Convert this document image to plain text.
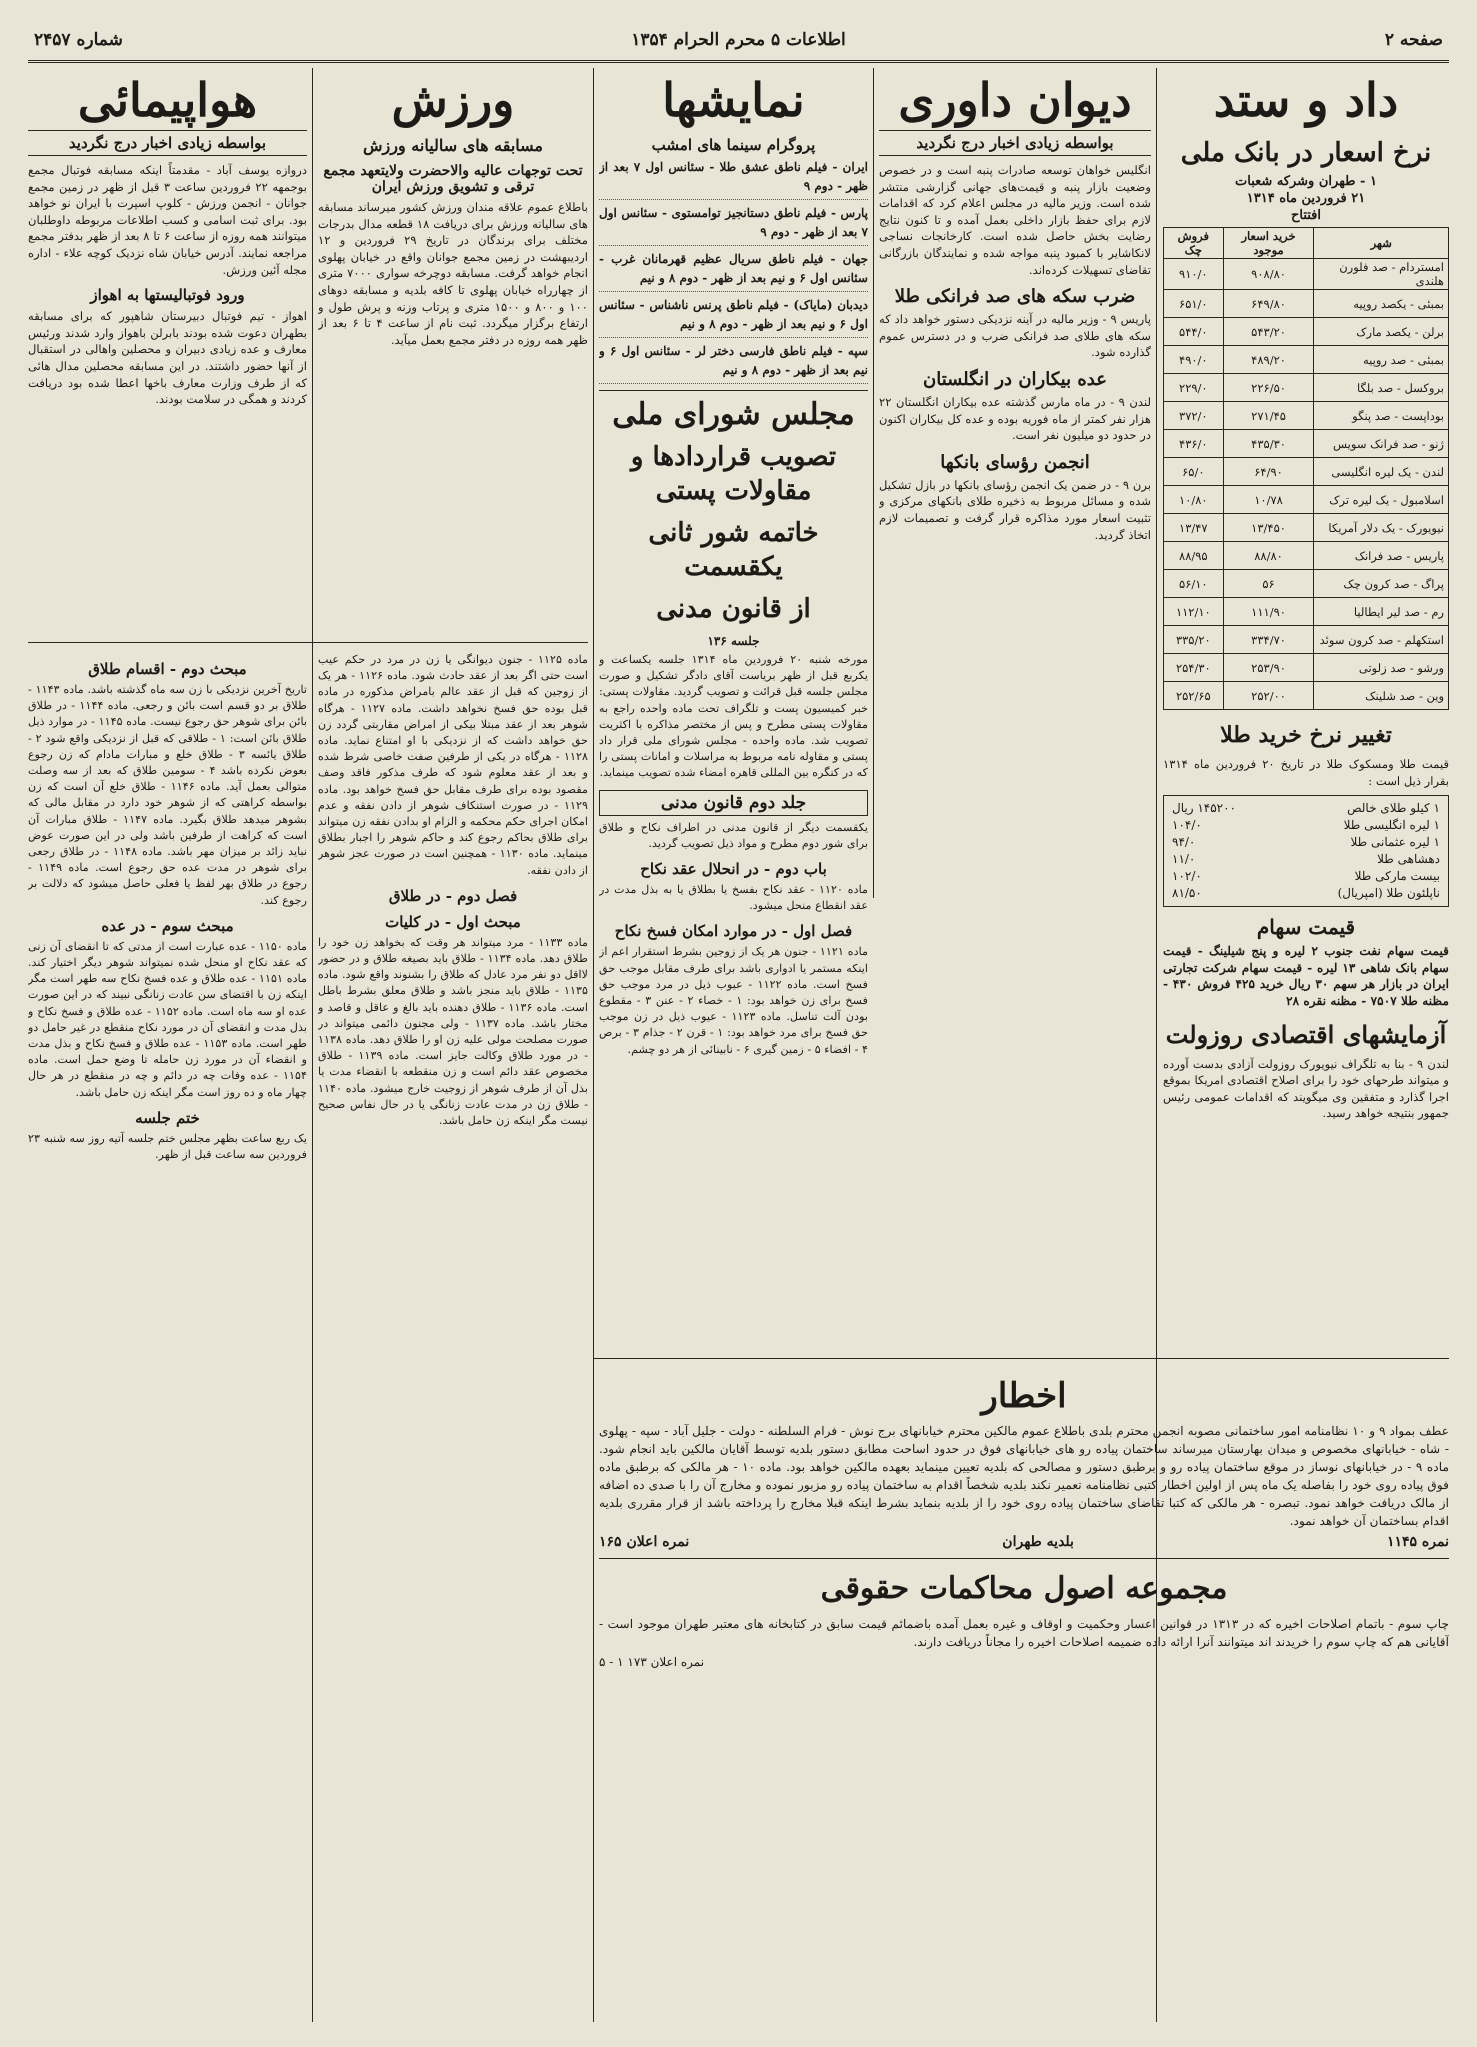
صفحه ۲
اطلاعات ۵ محرم الحرام ۱۳۵۴
شماره ۲۴۵۷
داد و ستد
نرخ اسعار در بانک ملی
۱ - طهران وشرکه شعبات
۲۱ فروردین ماه ۱۳۱۴
افتتاح
شهر	خرید اسعار موجود	فروش چک
امستردام - صد فلورن هلندی	۹۰۸/۸۰	۹۱۰/۰
بمبئی - یکصد روپیه	۶۴۹/۸۰	۶۵۱/۰
برلن - یکصد مارک	۵۴۳/۲۰	۵۴۴/۰
بمبئی - صد روپیه	۴۸۹/۲۰	۴۹۰/۰
بروکسل - صد بلگا	۲۲۶/۵۰	۲۲۹/۰
بوداپست - صد پنگو	۲۷۱/۴۵	۳۷۲/۰
ژنو - صد فرانک سویس	۴۳۵/۳۰	۴۳۶/۰
لندن - یک لیره انگلیسی	۶۴/۹۰	۶۵/۰
اسلامبول - یک لیره ترک	۱۰/۷۸	۱۰/۸۰
نیویورک - یک دلار آمریکا	۱۳/۴۵۰	۱۳/۴۷
پاریس - صد فرانک	۸۸/۸۰	۸۸/۹۵
پراگ - صد کرون چک	۵۶	۵۶/۱۰
رم - صد لیر ایطالیا	۱۱۱/۹۰	۱۱۲/۱۰
استکهلم - صد کرون سوئد	۳۳۴/۷۰	۳۳۵/۲۰
ورشو - صد زلوتی	۲۵۳/۹۰	۲۵۴/۳۰
وین - صد شلینک	۲۵۲/۰۰	۲۵۲/۶۵
تغییر نرخ خرید طلا
قیمت طلا ومسکوک طلا در تاریخ ۲۰ فروردین ماه ۱۳۱۴ بقرار ذیل است :
۱ کیلو طلای خالص
۱۴۵۲۰۰ ریال
۱ لیره انگلیسی طلا
۱۰۴/۰
۱ لیره عثمانی طلا
۹۴/۰
دهشاهی طلا
۱۱/۰
بیست مارکی طلا
۱۰۲/۰
ناپلئون طلا (امپریال)
۸۱/۵۰
قیمت سهام
قیمت سهام نفت جنوب ۲ لیره و پنج شیلینگ - قیمت سهام بانک شاهی ۱۳ لیره - قیمت سهام شرکت تجارتی ایران در بازار هر سهم ۳۰ ریال خرید ۴۲۵ فروش ۴۳۰ - مظنه طلا ۷۵۰۷ - مظنه نقره ۲۸
آزمایشهای اقتصادی روزولت
لندن ۹ - بنا به تلگراف نیویورک روزولت آزادی بدست آورده و میتواند طرحهای خود را برای اصلاح اقتصادی امریکا بموقع اجرا گذارد و متفقین وی میگویند که اقدامات عمومی رئیس جمهور بنتیجه خواهد رسید.
دیوان داوری
بواسطه زیادی اخبار درج نگردید
انگلیس خواهان توسعه صادرات پنبه است و در خصوص وضعیت بازار پنبه و قیمت‌های جهانی گزارشی منتشر شده است. وزیر مالیه در مجلس اعلام کرد که اقدامات لازم برای حفظ بازار داخلی بعمل آمده و تا کنون نتایج رضایت بخش حاصل شده است. کارخانجات نساجی لانکاشایر با کمبود پنبه مواجه شده و نمایندگان بازرگانی تقاضای تسهیلات کرده‌اند.
ضرب سکه های صد فرانکی طلا
پاریس ۹ - وزیر مالیه در آینه نزدیکی دستور خواهد داد که سکه های طلای صد فرانکی ضرب و در دسترس عموم گذارده شود.
عده بیکاران در انگلستان
لندن ۹ - در ماه مارس گذشته عده بیکاران انگلستان ۲۲ هزار نفر کمتر از ماه فوریه بوده و عده کل بیکاران اکنون در حدود دو میلیون نفر است.
انجمن رؤسای بانکها
برن ۹ - در ضمن یک انجمن رؤسای بانکها در بازل تشکیل شده و مسائل مربوط به ذخیره طلای بانکهای مرکزی و تثبیت اسعار مورد مذاکره قرار گرفت و تصمیمات لازم اتخاذ گردید.
نمایشها
پروگرام سینما های امشب
ایران - فیلم ناطق عشق طلا - سئانس اول ۷ بعد از ظهر - دوم ۹
پارس - فیلم ناطق دستانجیز توامستوی - سئانس اول ۷ بعد از ظهر - دوم ۹
جهان - فیلم ناطق سریال عظیم قهرمانان غرب - سئانس اول ۶ و نیم بعد از ظهر - دوم ۸ و نیم
دیدبان (مایاک) - فیلم ناطق پرنس ناشناس - سئانس اول ۶ و نیم بعد از ظهر - دوم ۸ و نیم
سپه - فیلم ناطق فارسی دختر لر - سئانس اول ۶ و نیم بعد از ظهر - دوم ۸ و نیم
مجلس شورای ملی
تصویب قراردادها و مقاولات پستی
خاتمه شور ثانی یکقسمت
از قانون مدنی
جلسه ۱۳۶
مورخه شنبه ۲۰ فروردین ماه ۱۳۱۴ جلسه یکساعت و یکربع قبل از ظهر بریاست آقای دادگر تشکیل و صورت مجلس جلسه قبل قرائت و تصویب گردید. مقاولات پستی: خبر کمیسیون پست و تلگراف تحت ماده واحده راجع به مقاولات پستی مطرح و پس از مختصر مذاکره با اکثریت تصویب شد. ماده واحده - مجلس شورای ملی قرار داد پستی و مقاوله نامه مربوط به مراسلات و امانات پستی را که در کنگره بین المللی قاهره امضاء شده تصویب مینماید.
جلد دوم قانون مدنی
یکقسمت دیگر از قانون مدنی در اطراف نکاح و طلاق برای شور دوم مطرح و مواد ذیل تصویب گردید.
باب دوم - در انحلال عقد نکاح
ماده ۱۱۲۰ - عقد نکاح بفسخ یا بطلاق یا به بذل مدت در عقد انقطاع منحل میشود.
فصل اول - در موارد امکان فسخ نکاح
ماده ۱۱۲۱ - جنون هر یک از زوجین بشرط استقرار اعم از اینکه مستمر یا ادواری باشد برای طرف مقابل موجب حق فسخ است. ماده ۱۱۲۲ - عیوب ذیل در مرد موجب حق فسخ برای زن خواهد بود: ۱ - خصاء ۲ - عنن ۳ - مقطوع بودن آلت تناسل. ماده ۱۱۲۳ - عیوب ذیل در زن موجب حق فسخ برای مرد خواهد بود: ۱ - قرن ۲ - جذام ۳ - برص ۴ - افضاء ۵ - زمین گیری ۶ - نابینائی از هر دو چشم.
ورزش
مسابقه های سالیانه ورزش
تحت توجهات عالیه والاحضرت ولایتعهد مجمع ترقی و تشویق ورزش ایران
باطلاع عموم علاقه مندان ورزش کشور میرساند مسابقه های سالیانه ورزش برای دریافت ۱۸ قطعه مدال بدرجات مختلف برای برندگان در تاریخ ۲۹ فروردین و ۱۲ اردیبهشت در زمین مجمع جوانان واقع در خیابان پهلوی انجام خواهد گرفت. مسابقه دوچرخه سواری ۷۰۰۰ متری از چهارراه خیابان پهلوی تا کافه بلدیه و مسابقه دوهای ۱۰۰ و ۸۰۰ و ۱۵۰۰ متری و پرتاب وزنه و پرش طول و ارتفاع برگزار میگردد. ثبت نام از ساعت ۴ تا ۶ بعد از ظهر همه روزه در دفتر مجمع بعمل میآید.
هواپیمائی
بواسطه زیادی اخبار درج نگردید
دروازه یوسف آباد - مقدمتاً اینکه مسابقه فوتبال مجمع بوجمهه ۲۲ فروردین ساعت ۳ قبل از ظهر در زمین مجمع جوانان - انجمن ورزش - کلوپ اسپرت با ایران نو خواهد بود. برای ثبت اسامی و کسب اطلاعات مربوطه داوطلبان میتوانند همه روزه از ساعت ۶ تا ۸ بعد از ظهر بدفتر مجمع مراجعه نمایند. آدرس خیابان شاه نزدیک کوچه علاء - اداره مجله آئین ورزش.
ورود فوتبالیستها به اهواز
اهواز - تیم فوتبال دبیرستان شاهپور که برای مسابقه بطهران دعوت شده بودند بابرلن باهواز وارد شدند ورئیس معارف و عده زیادی دبیران و محصلین واهالی در استقبال از آنها حضور داشتند. در این مسابقه محصلین مدال هائی که از طرف وزارت معارف باخها اعطا شده بود دریافت کردند و همگی در سلامت بودند.
مبحث دوم - اقسام طلاق
تاریخ آخرین نزدیکی با زن سه ماه گذشته باشد. ماده ۱۱۴۳ - طلاق بر دو قسم است بائن و رجعی. ماده ۱۱۴۴ - در طلاق بائن برای شوهر حق رجوع نیست. ماده ۱۱۴۵ - در موارد ذیل طلاق بائن است: ۱ - طلاقی که قبل از نزدیکی واقع شود ۲ - طلاق یائسه ۳ - طلاق خلع و مبارات مادام که زن رجوع بعوض نکرده باشد ۴ - سومین طلاق که بعد از سه وصلت متوالی بعمل آید. ماده ۱۱۴۶ - طلاق خلع آن است که زن بواسطه کراهتی که از شوهر خود دارد در مقابل مالی که بشوهر میدهد طلاق بگیرد. ماده ۱۱۴۷ - طلاق مبارات آن است که کراهت از طرفین باشد ولی در این صورت عوض نباید زائد بر میزان مهر باشد. ماده ۱۱۴۸ - در طلاق رجعی برای شوهر در مدت عده حق رجوع است. ماده ۱۱۴۹ - رجوع در طلاق بهر لفظ یا فعلی حاصل میشود که دلالت بر رجوع کند.
مبحث سوم - در عده
ماده ۱۱۵۰ - عده عبارت است از مدتی که تا انقضای آن زنی که عقد نکاح او منحل شده نمیتواند شوهر دیگر اختیار کند. ماده ۱۱۵۱ - عده طلاق و عده فسخ نکاح سه طهر است مگر اینکه زن با اقتضای سن عادت زنانگی نبیند که در این صورت عده او سه ماه است. ماده ۱۱۵۲ - عده طلاق و فسخ نکاح و بذل مدت و انقضای آن در مورد نکاح منقطع در غیر حامل دو طهر است. ماده ۱۱۵۳ - عده طلاق و فسخ نکاح و بذل مدت و انقضاء آن در مورد زن حامله تا وضع حمل است. ماده ۱۱۵۴ - عده وفات چه در دائم و چه در منقطع در هر حال چهار ماه و ده روز است مگر اینکه زن حامل باشد.
ختم جلسه
یک ربع ساعت بظهر مجلس ختم جلسه آتیه روز سه شنبه ۲۳ فروردین سه ساعت قبل از ظهر.
ماده ۱۱۲۵ - جنون دیوانگی یا زن در مرد در حکم عیب است حتی اگر بعد از عقد حادث شود. ماده ۱۱۲۶ - هر یک از زوجین که قبل از عقد عالم بامراض مذکوره در ماده قبل بوده حق فسخ نخواهد داشت. ماده ۱۱۲۷ - هرگاه شوهر بعد از عقد مبتلا بیکی از امراض مقاربتی گردد زن حق خواهد داشت که از نزدیکی با او امتناع نماید. ماده ۱۱۲۸ - هرگاه در یکی از طرفین صفت خاصی شرط شده و بعد از عقد معلوم شود که طرف مذکور فاقد وصف مقصود بوده برای طرف مقابل حق فسخ خواهد بود. ماده ۱۱۲۹ - در صورت استنکاف شوهر از دادن نفقه و عدم امکان اجرای حکم محکمه و الزام او بدادن نفقه زن میتواند برای طلاق بحاکم رجوع کند و حاکم شوهر را اجبار بطلاق مینماید. ماده ۱۱۳۰ - همچنین است در صورت عجز شوهر از دادن نفقه.
فصل دوم - در طلاق
مبحث اول - در کلیات
ماده ۱۱۳۳ - مرد میتواند هر وقت که بخواهد زن خود را طلاق دهد. ماده ۱۱۳۴ - طلاق باید بصیغه طلاق و در حضور لااقل دو نفر مرد عادل که طلاق را بشنوند واقع شود. ماده ۱۱۳۵ - طلاق باید منجز باشد و طلاق معلق بشرط باطل است. ماده ۱۱۳۶ - طلاق دهنده باید بالغ و عاقل و قاصد و مختار باشد. ماده ۱۱۳۷ - ولی مجنون دائمی میتواند در صورت مصلحت مولی علیه زن او را طلاق دهد. ماده ۱۱۳۸ - در مورد طلاق وکالت جایز است. ماده ۱۱۳۹ - طلاق مخصوص عقد دائم است و زن منقطعه با انقضاء مدت یا بذل آن از طرف شوهر از زوجیت خارج میشود. ماده ۱۱۴۰ - طلاق زن در مدت عادت زنانگی یا در حال نفاس صحیح نیست مگر اینکه زن حامل باشد.
اخطار
عطف بمواد ۹ و ۱۰ نظامنامه امور ساختمانی مصوبه انجمن محترم بلدی باطلاع عموم مالکین محترم خیابانهای برج نوش - فرام السلطنه - دولت - جلیل آباد - سپه - پهلوی - شاه - خیابانهای مخصوص و میدان بهارستان میرساند ساختمان پیاده رو های خیابانهای فوق در حدود اساحت مطابق دستور بلدیه توسط آقایان مالکین باید انجام شود. ماده ۹ - در خیابانهای نوساز در موقع ساختمان پیاده رو و برطبق دستور و مصالحی که بلدیه تعیین مینماید بعهده مالکین خواهد بود. ماده ۱۰ - هر مالکی که برطبق ماده فوق پیاده روی خود را بفاصله یک ماه پس از اولین اخطار کتبی نظامنامه تعمیر نکند بلدیه شخصاً اقدام به ساختمان پیاده رو مزبور نموده و مخارج آن را با صدی ده اضافه از مالک دریافت خواهد نمود. تبصره - هر مالکی که کتبا تقاضای ساختمان پیاده روی خود را از بلدیه بنماید بشرط اینکه قبلا مخارج را پرداخته باشد از قرار مقرری بلدیه اقدام بساختمان آن خواهد نمود.
نمره ۱۱۴۵
بلدیه طهران
نمره اعلان ۱۶۵
مجموعه اصول محاکمات حقوقی
چاپ سوم - باتمام اصلاحات اخیره که در ۱۳۱۳ در قوانین اعسار وحکمیت و اوقاف و غیره بعمل آمده باضمائم قیمت سابق در کتابخانه های معتبر طهران موجود است - آقایانی هم که چاپ سوم را خریدند اند میتوانند آنرا ارائه داده ضمیمه اصلاحات اخیره را مجاناً دریافت دارند.
نمره اعلان ۱۷۳ ۱ - ۵
